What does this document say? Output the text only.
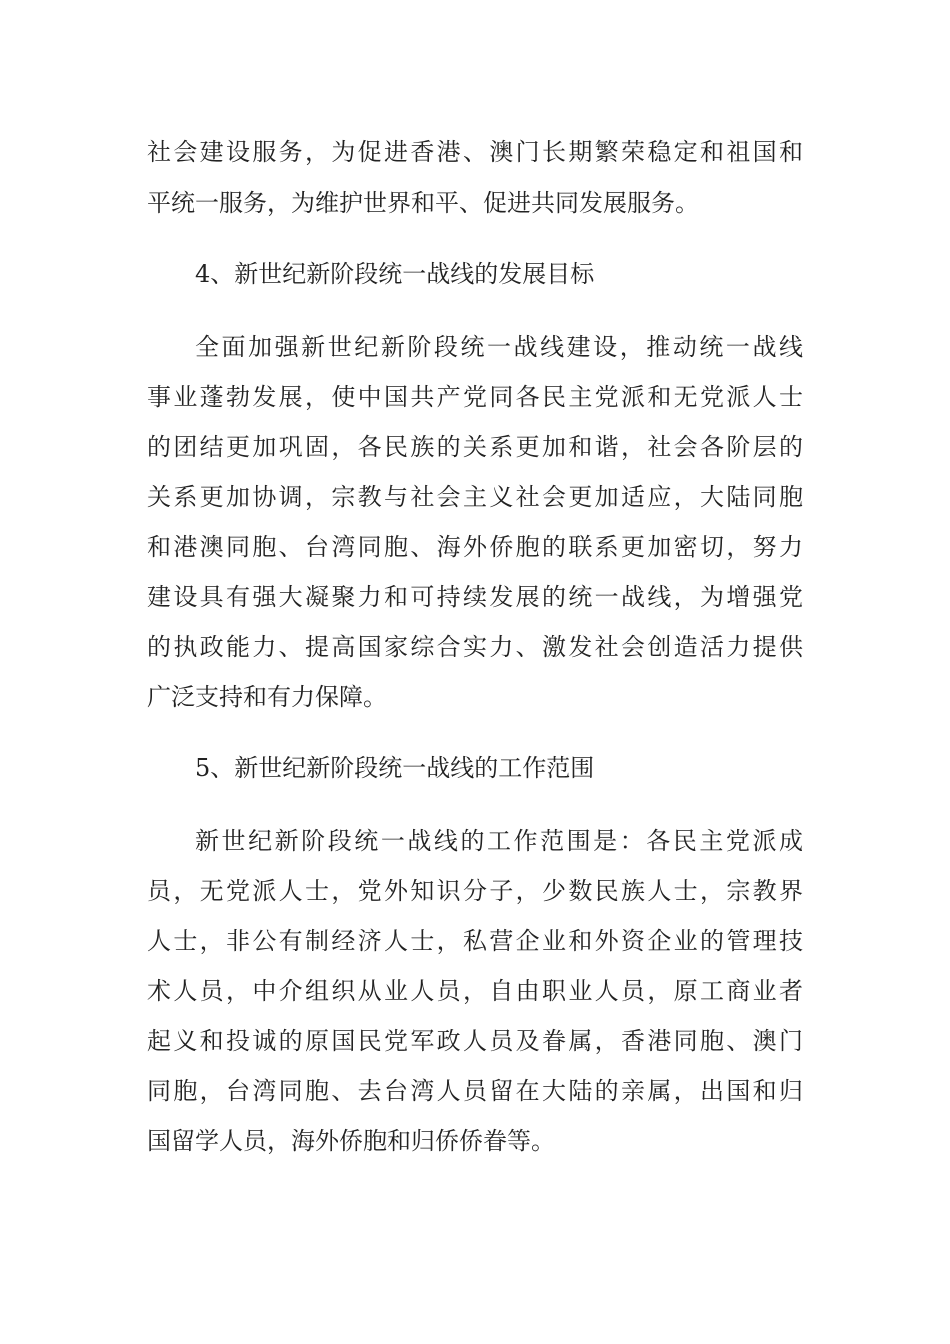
社会建设服务，为促进香港、澳门长期繁荣稳定和祖国和
平统一服务，为维护世界和平、促进共同发展服务。
4、新世纪新阶段统一战线的发展目标
全面加强新世纪新阶段统一战线建设，推动统一战线
事业蓬勃发展，使中国共产党同各民主党派和无党派人士
的团结更加巩固，各民族的关系更加和谐，社会各阶层的
关系更加协调，宗教与社会主义社会更加适应，大陆同胞
和港澳同胞、台湾同胞、海外侨胞的联系更加密切，努力
建设具有强大凝聚力和可持续发展的统一战线，为增强党
的执政能力、提高国家综合实力、激发社会创造活力提供
广泛支持和有力保障。
5、新世纪新阶段统一战线的工作范围
新世纪新阶段统一战线的工作范围是：各民主党派成
员，无党派人士，党外知识分子，少数民族人士，宗教界
人士，非公有制经济人士，私营企业和外资企业的管理技
术人员，中介组织从业人员，自由职业人员，原工商业者
起义和投诚的原国民党军政人员及眷属，香港同胞、澳门
同胞，台湾同胞、去台湾人员留在大陆的亲属，出国和归
国留学人员，海外侨胞和归侨侨眷等。
